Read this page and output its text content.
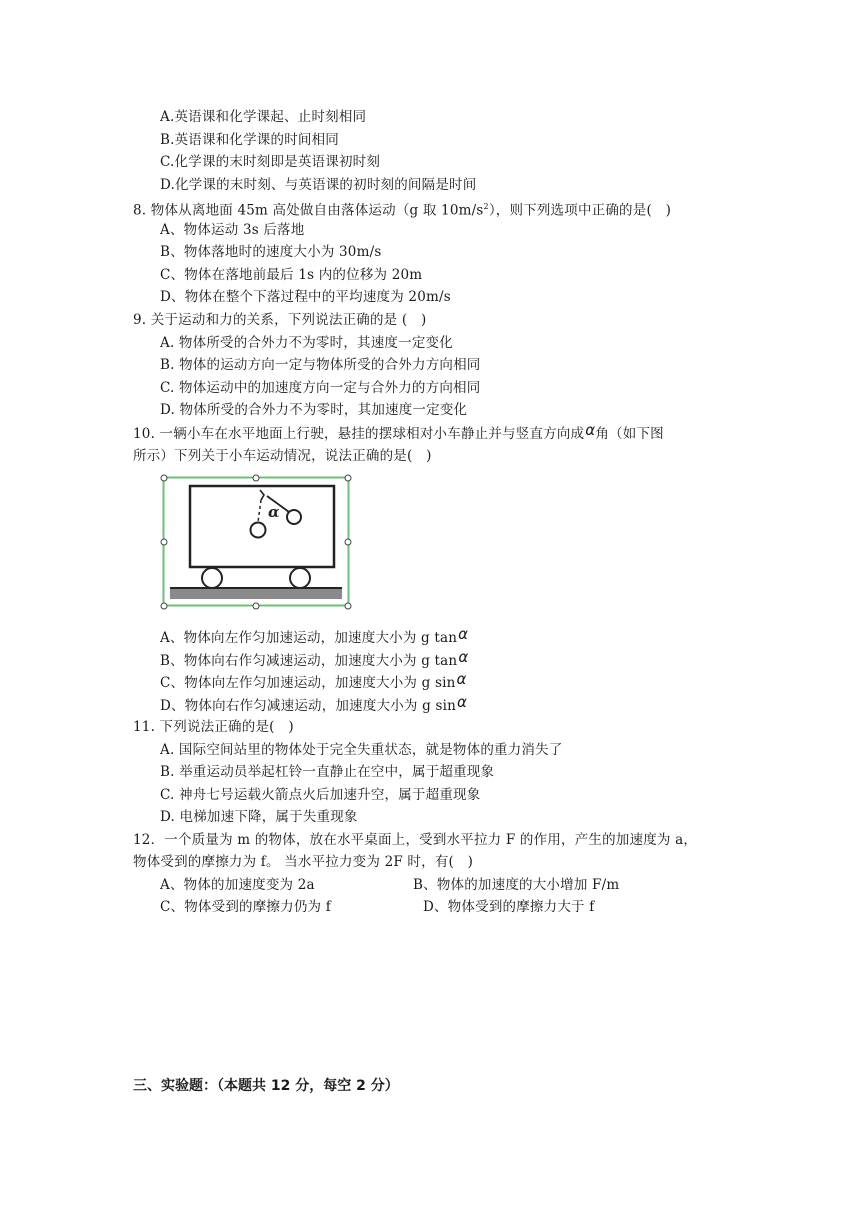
A.英语课和化学课起、止时刻相同
B.英语课和化学课的时间相同
C.化学课的末时刻即是英语课初时刻
D.化学课的末时刻、与英语课的初时刻的间隔是时间
8. 物体从离地面 45m 高处做自由落体运动（g 取 $10m/s^2$），则下列选项中正确的是(　)
A、物体运动 3s 后落地
B、物体落地时的速度大小为 30m/s
C、物体在落地前最后 1s 内的位移为 20m
D、物体在整个下落过程中的平均速度为 20m/s
9. 关于运动和力的关系，下列说法正确的是 (　)
A. 物体所受的合外力不为零时，其速度一定变化
B. 物体的运动方向一定与物体所受的合外力方向相同
C. 物体运动中的加速度方向一定与合外力的方向相同
D. 物体所受的合外力不为零时，其加速度一定变化
10. 一辆小车在水平地面上行驶，悬挂的摆球相对小车静止并与竖直方向成α角（如下图
所示）下列关于小车运动情况，说法正确的是(　)
α
A、物体向左作匀加速运动，加速度大小为 g tanα
B、物体向右作匀减速运动，加速度大小为 g tanα
C、物体向左作匀加速运动，加速度大小为 g sinα
D、物体向右作匀减速运动，加速度大小为 g sinα
11. 下列说法正确的是(　)
A. 国际空间站里的物体处于完全失重状态，就是物体的重力消失了
B. 举重运动员举起杠铃一直静止在空中，属于超重现象
C. 神舟七号运载火箭点火后加速升空，属于超重现象
D. 电梯加速下降，属于失重现象
12．一个质量为 m 的物体，放在水平桌面上，受到水平拉力 F 的作用，产生的加速度为 a，
物体受到的摩擦力为 f。 当水平拉力变为 2F 时，有(　)
A、物体的加速度变为 2a	B、物体的加速度的大小增加 F/m
C、物体受到的摩擦力仍为 f	D、物体受到的摩擦力大于 f
三、实验题：（本题共 12 分，每空 2 分）
